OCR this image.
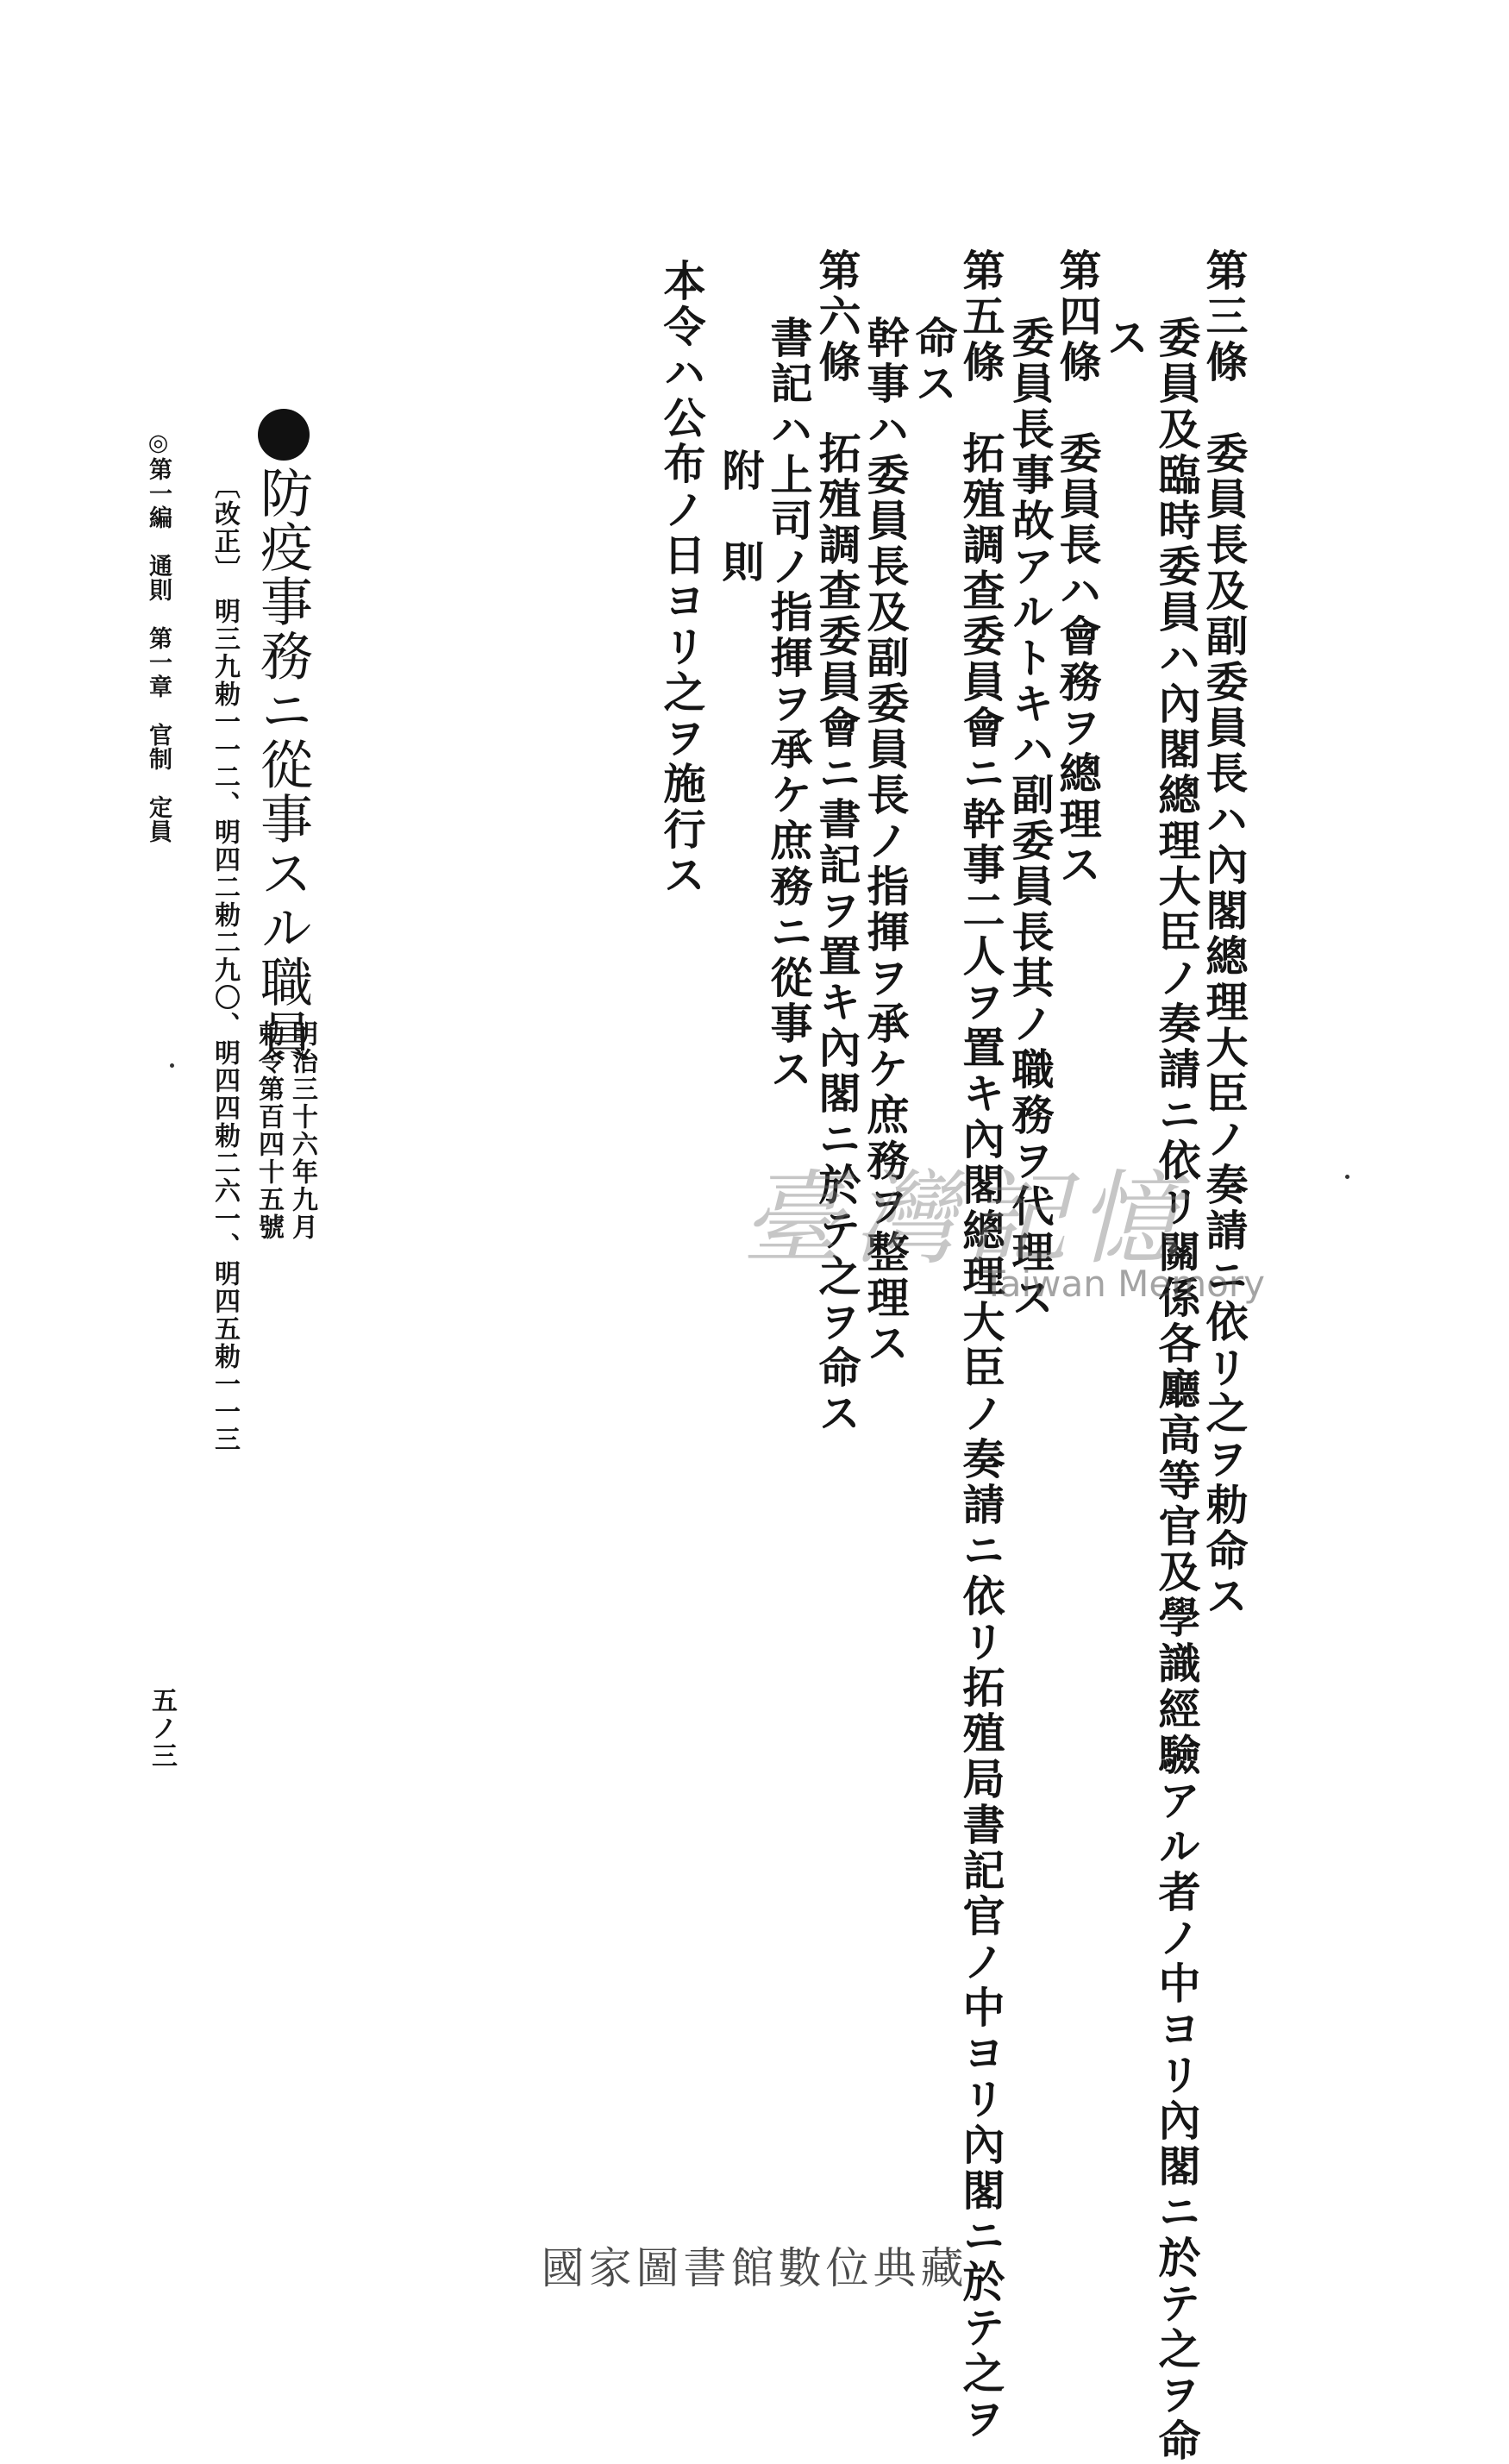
第三條　委員長及副委員長ハ內閣總理大臣ノ奏請ニ依リ之ヲ勅命ス
委員及臨時委員ハ內閣總理大臣ノ奏請ニ依リ關係各廳高等官及學識經驗アル者ノ中ヨリ內閣ニ於テ之ヲ命
ス
第四條　委員長ハ會務ヲ總理ス
委員長事故アルトキハ副委員長其ノ職務ヲ代理ス
第五條　拓殖調查委員會ニ幹事二人ヲ置キ內閣總理大臣ノ奏請ニ依リ拓殖局書記官ノ中ヨリ內閣ニ於テ之ヲ
命ス
幹事ハ委員長及副委員長ノ指揮ヲ承ケ庶務ヲ整理ス
第六條　拓殖調查委員會ニ書記ヲ置キ內閣ニ於テ之ヲ命ス
書記ハ上司ノ指揮ヲ承ケ庶務ニ從事ス
附　則
本令ハ公布ノ日ヨリ之ヲ施行ス
防疫事務ニ從事スル職員
明治三十六年九月
勅令第百四十五號
〔改正〕　明三九勅一一二、明四二勅二九〇、明四四勅二六一、明四五勅一一三
◎第一編　通則　第一章　官制　定員
五ノ三
臺灣記憶
Taiwan Memory
國家圖書館數位典藏
